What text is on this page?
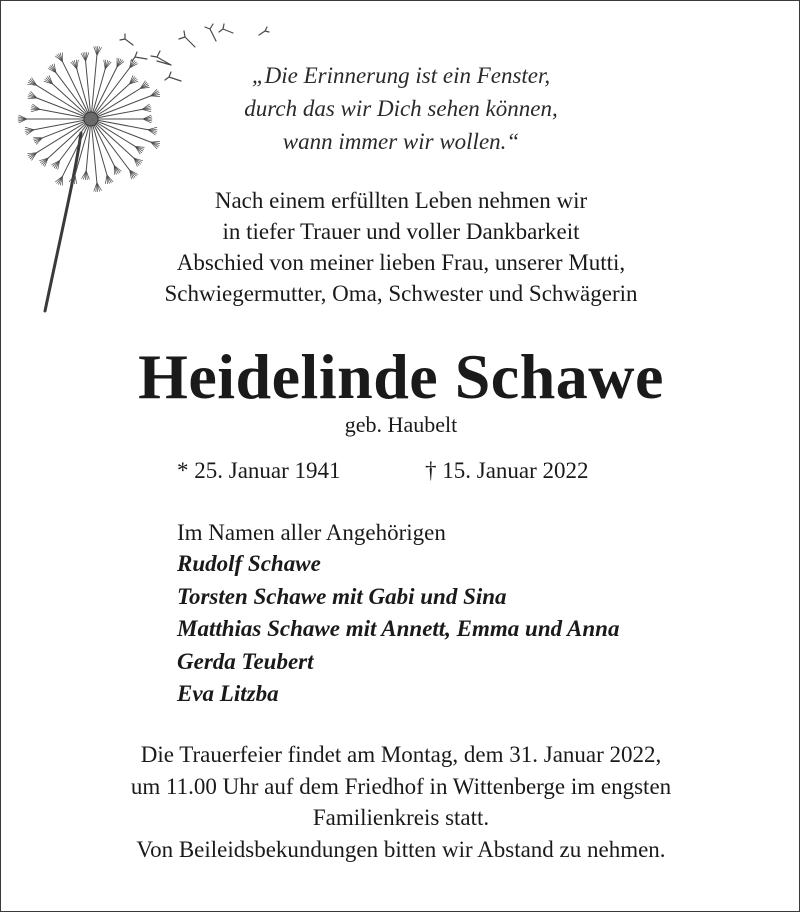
„Die Erinnerung ist ein Fenster,
durch das wir Dich sehen können,
wann immer wir wollen.“
Nach einem erfüllten Leben nehmen wir
in tiefer Trauer und voller Dankbarkeit
Abschied von meiner lieben Frau, unserer Mutti,
Schwiegermutter, Oma, Schwester und Schwägerin
Heidelinde Schawe
geb. Haubelt
* 25. Januar 1941	† 15. Januar 2022
Im Namen aller Angehörigen
Rudolf Schawe
Torsten Schawe mit Gabi und Sina
Matthias Schawe mit Annett, Emma und Anna
Gerda Teubert
Eva Litzba
Die Trauerfeier findet am Montag, dem 31. Januar 2022,
um 11.00 Uhr auf dem Friedhof in Wittenberge im engsten
Familienkreis statt.
Von Beileidsbekundungen bitten wir Abstand zu nehmen.
